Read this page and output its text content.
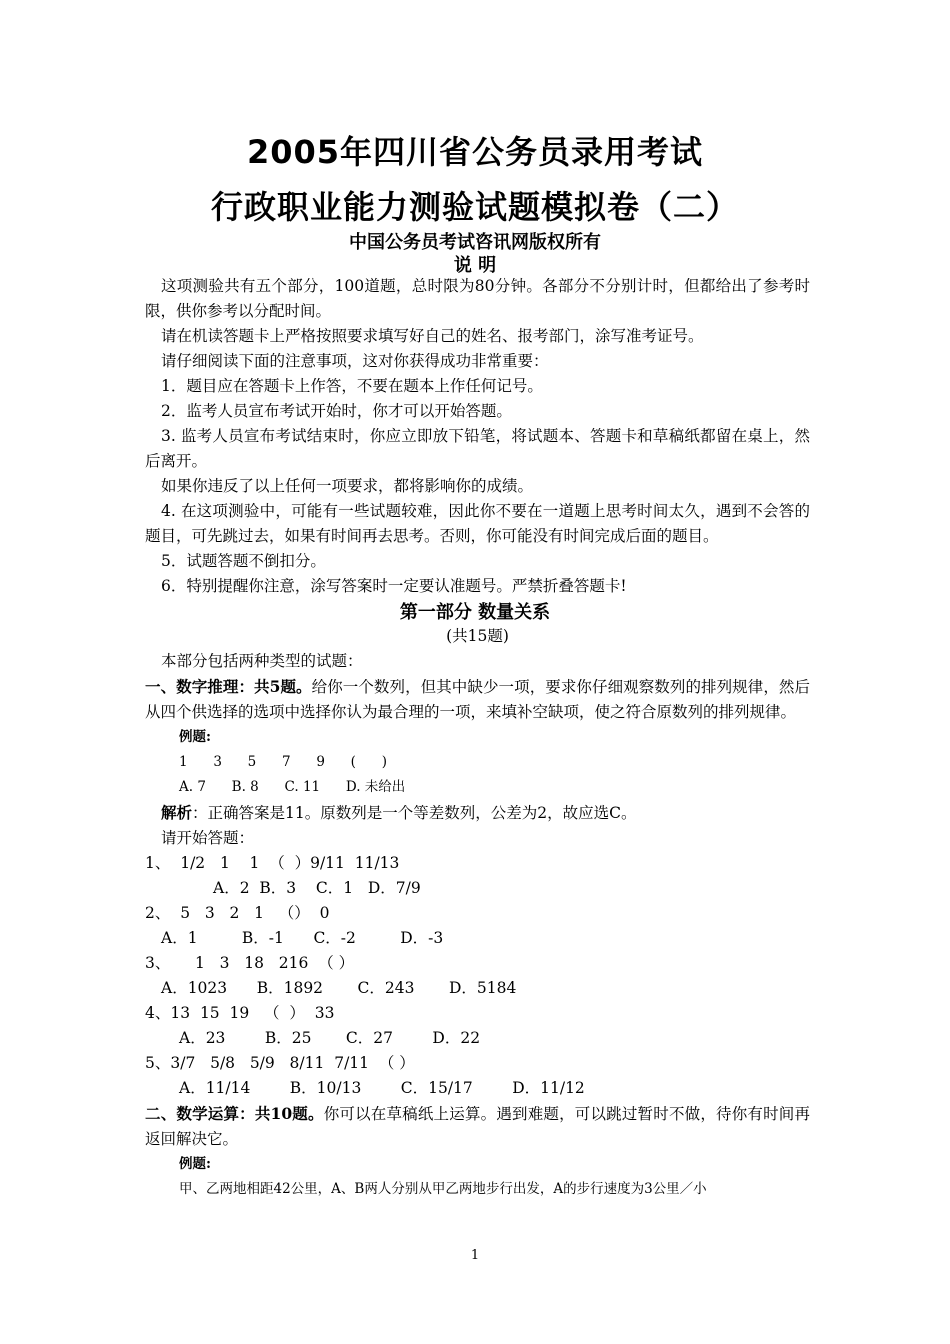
2005年四川省公务员录用考试
行政职业能力测验试题模拟卷（二）
中国公务员考试咨讯网版权所有
说 明

这项测验共有五个部分，100道题，总时限为80分钟。各部分不分别计时，但都给出了参考时限，供你参考以分配时间。

请在机读答题卡上严格按照要求填写好自己的姓名、报考部门，涂写准考证号。

请仔细阅读下面的注意事项，这对你获得成功非常重要：

1．题目应在答题卡上作答，不要在题本上作任何记号。

2．监考人员宣布考试开始时，你才可以开始答题。

3. 监考人员宣布考试结束时，你应立即放下铅笔，将试题本、答题卡和草稿纸都留在桌上，然后离开。

如果你违反了以上任何一项要求，都将影响你的成绩。

4. 在这项测验中，可能有一些试题较难，因此你不要在一道题上思考时间太久，遇到不会答的题目，可先跳过去，如果有时间再去思考。否则，你可能没有时间完成后面的题目。

5．试题答题不倒扣分。

6．特别提醒你注意，涂写答案时一定要认准题号。严禁折叠答题卡!

第一部分 数量关系

(共15题)

本部分包括两种类型的试题：

一、数字推理：共5题。给你一个数列，但其中缺少一项，要求你仔细观察数列的排列规律，然后从四个供选择的选项中选择你认为最合理的一项，来填补空缺项，使之符合原数列的排列规律。

例题:

1      3      5      7      9      (      )

A. 7      B. 8      C. 11      D. 未给出

解析：正确答案是11。原数列是一个等差数列，公差为2，故应选C。

请开始答题：

1、  1/2   1    1  （  ）9/11  11/13

A．2  B．3    C．1   D．7/9

2、  5   3   2   1   （）  0

A．1         B．-1      C．-2         D．-3

3、     1   3   18   216  （ ）

A．1023      B．1892       C．243       D．5184

4、13  15  19   （  ）  33

A．23        B．25       C．27        D．22

5、3/7   5/8   5/9   8/11  7/11  （ ）

A．11/14        B．10/13        C．15/17        D．11/12

二、数学运算：共10题。你可以在草稿纸上运算。遇到难题，可以跳过暂时不做，待你有时间再返回解决它。

例题:

甲、乙两地相距42公里，A、B两人分别从甲乙两地步行出发，A的步行速度为3公里／小

1
